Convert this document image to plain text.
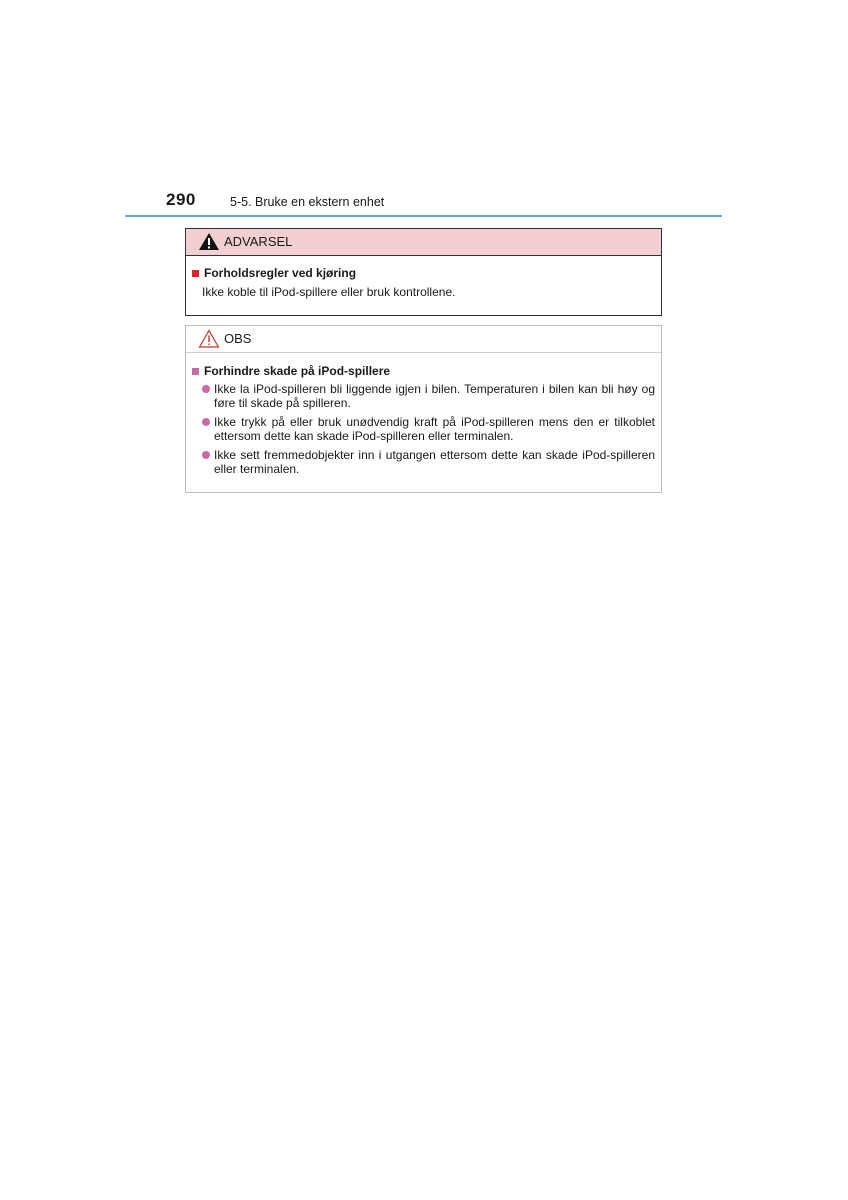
290	5-5. Bruke en ekstern enhet
ADVARSEL
Forholdsregler ved kjøring
Ikke koble til iPod-spillere eller bruk kontrollene.
OBS
Forhindre skade på iPod-spillere
Ikke la iPod-spilleren bli liggende igjen i bilen. Temperaturen i bilen kan bli høy og føre til skade på spilleren.
Ikke trykk på eller bruk unødvendig kraft på iPod-spilleren mens den er tilkoblet ettersom dette kan skade iPod-spilleren eller terminalen.
Ikke sett fremmedobjekter inn i utgangen ettersom dette kan skade iPod-spilleren eller terminalen.
